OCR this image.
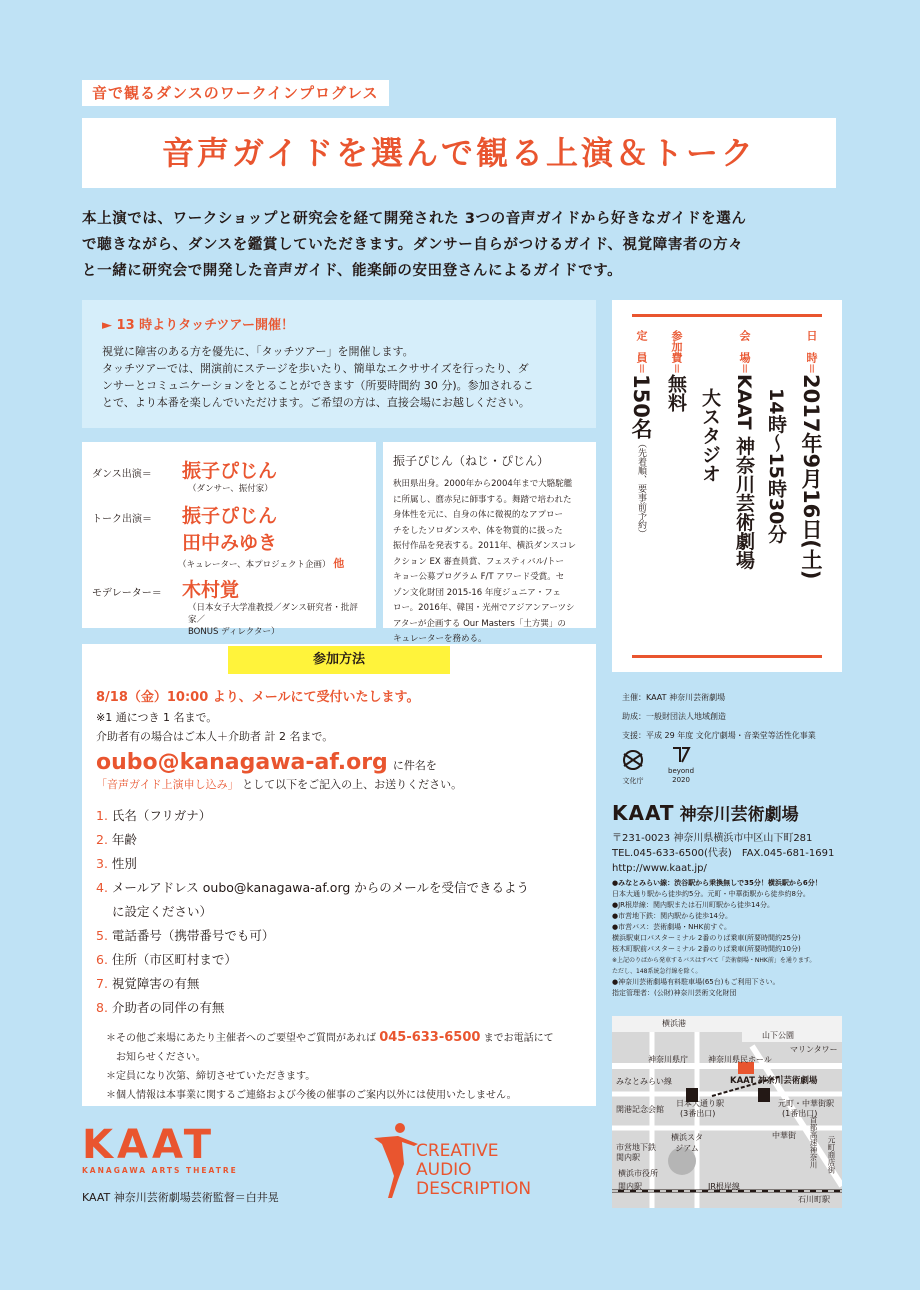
音で観るダンスのワークインプログレス
音声ガイドを選んで観る上演＆トーク
本上演では、ワークショップと研究会を経て開発された 3つの音声ガイドから好きなガイドを選ん
で聴きながら、ダンスを鑑賞していただきます。ダンサー自らがつけるガイド、視覚障害者の方々
と一緒に研究会で開発した音声ガイド、能楽師の安田登さんによるガイドです。
► 13 時よりタッチツアー開催！
視覚に障害のある方を優先に、「タッチツアー」を開催します。
タッチツアーでは、開演前にステージを歩いたり、簡単なエクササイズを行ったり、ダ
ンサーとコミュニケーションをとることができます（所要時間約 30 分)。参加されるこ
とで、より本番を楽しんでいただけます。ご希望の方は、直接会場にお越しください。
ダンス出演＝	振子ぴじん
（ダンサー、振付家）
トーク出演＝	振子ぴじん
田中みゆき
（キュレーター、本プロジェクト企画） 他
モデレーター＝	木村覚
（日本女子大学准教授／ダンス研究者・批評家／
BONUS ディレクター）
振子ぴじん（ねじ・ぴじん）
秋田県出身。2000年から2004年まで大駱駝艦
に所属し、麿赤兒に師事する。舞踏で培われた
身体性を元に、自身の体に微視的なアプロー
チをしたソロダンスや、体を物質的に扱った
振付作品を発表する。2011年、横浜ダンスコレ
クション EX 審査員賞、フェスティバル/トー
キョー公募プログラム F/T アワード受賞。セ
ゾン文化財団 2015-16 年度ジュニア・フェ
ロー。2016年、韓国・光州でアジアンアーツシ
アターが企画する Our Masters「土方巽」の
キュレーターを務める。
日　時＝2017年9月16日(土)
14時〜15時30分
会　場＝KAAT 神奈川芸術劇場
大スタジオ
参加費＝無料
定　員＝150名（先着順、要事前予約）
8/18（金）10:00 より、メールにて受付いたします。
※1 通につき 1 名まで。
介助者有の場合はご本人＋介助者 計 2 名まで。
oubo@kanagawa-af.org に件名を
「音声ガイド上演申し込み」 として以下をご記入の上、お送りください。
1. 氏名（フリガナ）
2. 年齢
3. 性別
4. メールアドレス oubo@kanagawa-af.org からのメールを受信できるよう
に設定ください）
5. 電話番号（携帯番号でも可）
6. 住所（市区町村まで）
7. 視覚障害の有無
8. 介助者の同伴の有無
＊その他ご来場にあたり主催者へのご要望やご質問があれば 045-633-6500 までお電話にて
お知らせください。
＊定員になり次第、締切させていただきます。
＊個人情報は本事業に関するご連絡および今後の催事のご案内以外には使用いたしません。
参加方法
主催：KAAT 神奈川芸術劇場
助成：一般財団法人地域創造
支援：平成 29 年度 文化庁劇場・音楽堂等活性化事業
文化庁
beyond
2020
KAAT 神奈川芸術劇場
〒231-0023 神奈川県横浜市中区山下町281
TEL.045-633-6500(代表)　FAX.045-681-1691
http://www.kaat.jp/
●みなとみらい線：渋谷駅から乗換無しで35分！横浜駅から6分！
日本大通り駅から徒歩約5分。元町・中華街駅から徒歩約8分。
●JR根岸線：関内駅または石川町駅から徒歩14分。
●市営地下鉄：関内駅から徒歩14分。
●市営バス：芸術劇場・NHK前すぐ。
横浜駅東口バスターミナル 2番のりば乗車(所要時間約25分)
桜木町駅前バスターミナル 2番のりば乗車(所要時間約10分)
※上記のりばから発車するバスはすべて「芸術劇場・NHK前」を通ります。
ただし、148系統急行線を除く。
●神奈川芸術劇場有料駐車場(65台)もご利用下さい。
指定管理者：(公財)神奈川芸術文化財団
横浜港
山下公園
マリンタワー
神奈川県庁	神奈川県民ホール
みなとみらい線	KAAT 神奈川芸術劇場
開港記念会館
日本大通り駅
(3番出口)
元町・中華街駅
(1番出口)
首都高速神奈川 元町商店街
中華街
市営地下鉄
関内駅
横浜スタジアム
横浜市役所
関内駅	JR根岸線
石川町駅
KAAT
KANAGAWA ARTS THEATRE
KAAT 神奈川芸術劇場芸術監督＝白井晃
CREATIVE
AUDIO
DESCRIPTION
